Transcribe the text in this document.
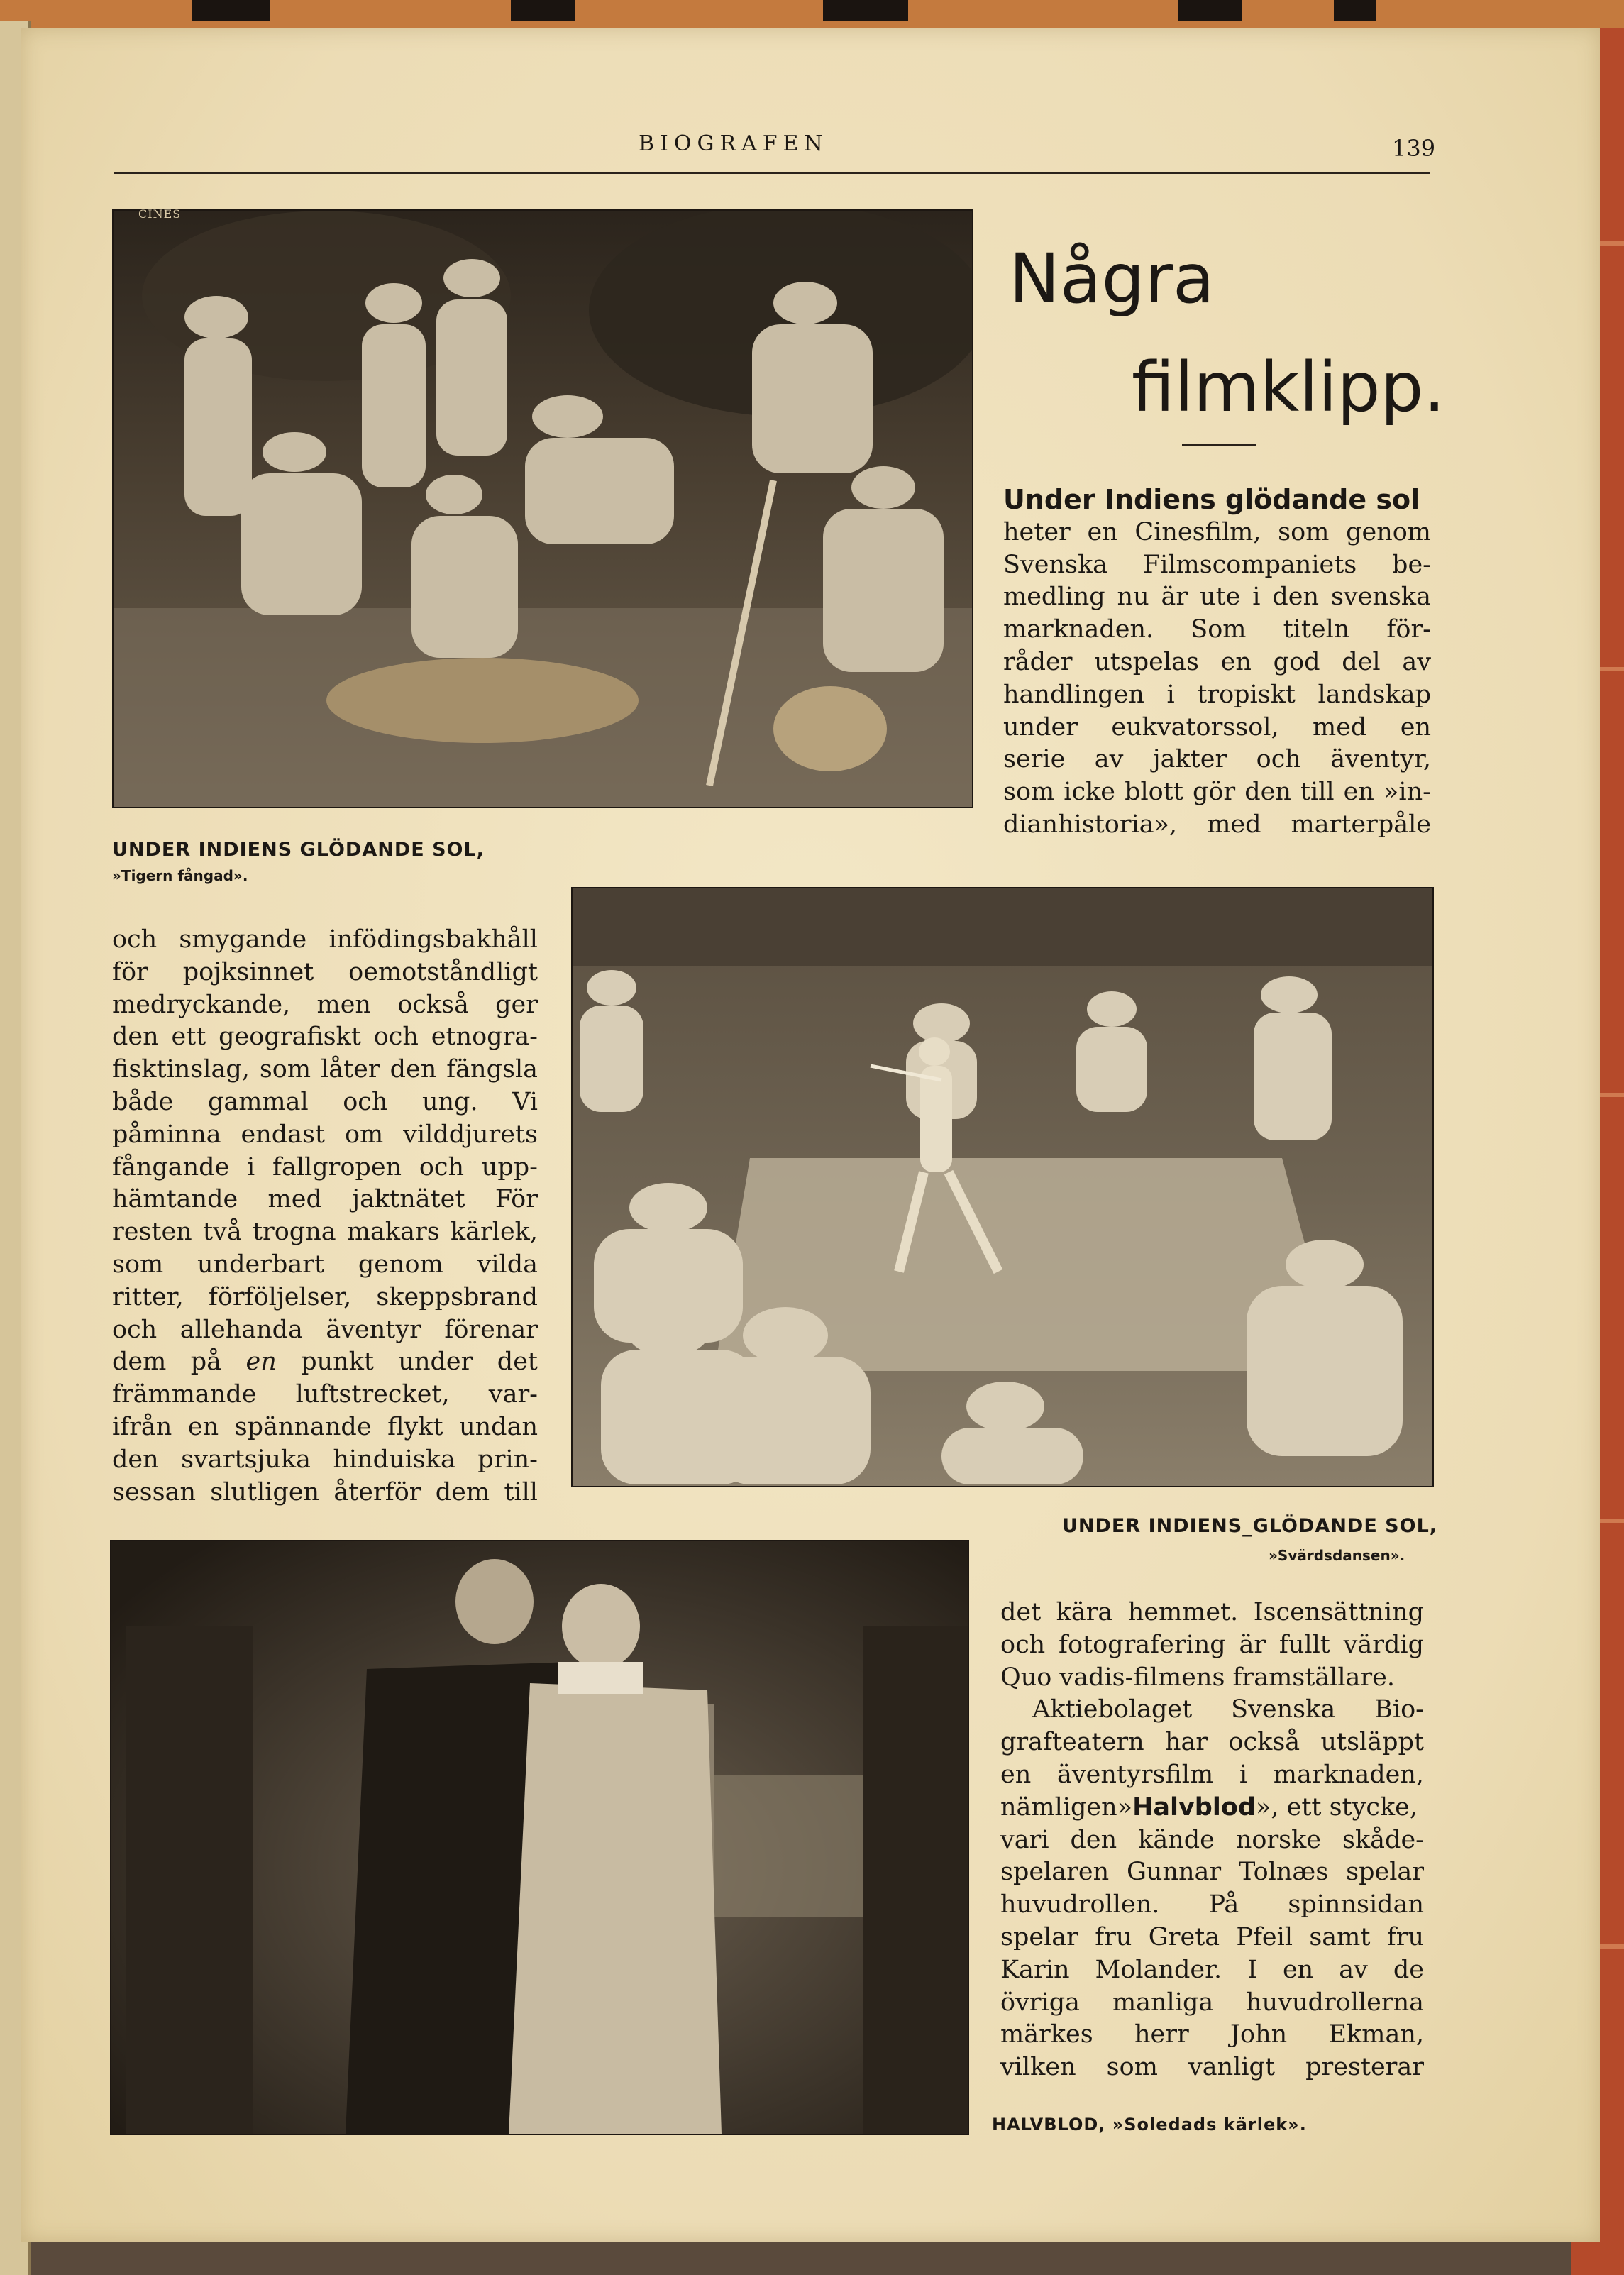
BIOGRAFEN	139
CINES
UNDER INDIENS GLÖDANDE SOL,
»Tigern fångad».
Några
filmklipp.
Under Indiens glödande sol
heter en Cinesfilm, som genom
Svenska Filmscompaniets be-
medling nu är ute i den svenska
marknaden. Som titeln för-
råder utspelas en god del av
handlingen i tropiskt landskap
under eukvatorssol, med en
serie av jakter och äventyr,
som icke blott gör den till en »in-
dianhistoria», med marterpåle
och smygande infödingsbakhåll
för pojksinnet oemotståndligt
medryckande, men också ger
den ett geografiskt och etnogra-
fisktinslag, som låter den fängsla
både gammal och ung. Vi
påminna endast om vilddjurets
fångande i fallgropen och upp-
hämtande med jaktnätet För
resten två trogna makars kärlek,
som underbart genom vilda
ritter, förföljelser, skeppsbrand
och allehanda äventyr förenar
dem på en punkt under det
främmande luftstrecket, var-
ifrån en spännande flykt undan
den svartsjuka hinduiska prin-
sessan slutligen återför dem till
UNDER INDIENS_GLÖDANDE SOL,
»Svärdsdansen».
det kära hemmet. Iscensättning
och fotografering är fullt värdig
Quo vadis-filmens framställare.
Aktiebolaget Svenska Bio-
grafteatern har också utsläppt
en äventyrsfilm i marknaden,
nämligen»Halvblod», ett stycke,
vari den kände norske skåde-
spelaren Gunnar Tolnæs spelar
huvudrollen. På spinnsidan
spelar fru Greta Pfeil samt fru
Karin Molander. I en av de
övriga manliga huvudrollerna
märkes herr John Ekman,
vilken som vanligt presterar
HALVBLOD, »Soledads kärlek».
